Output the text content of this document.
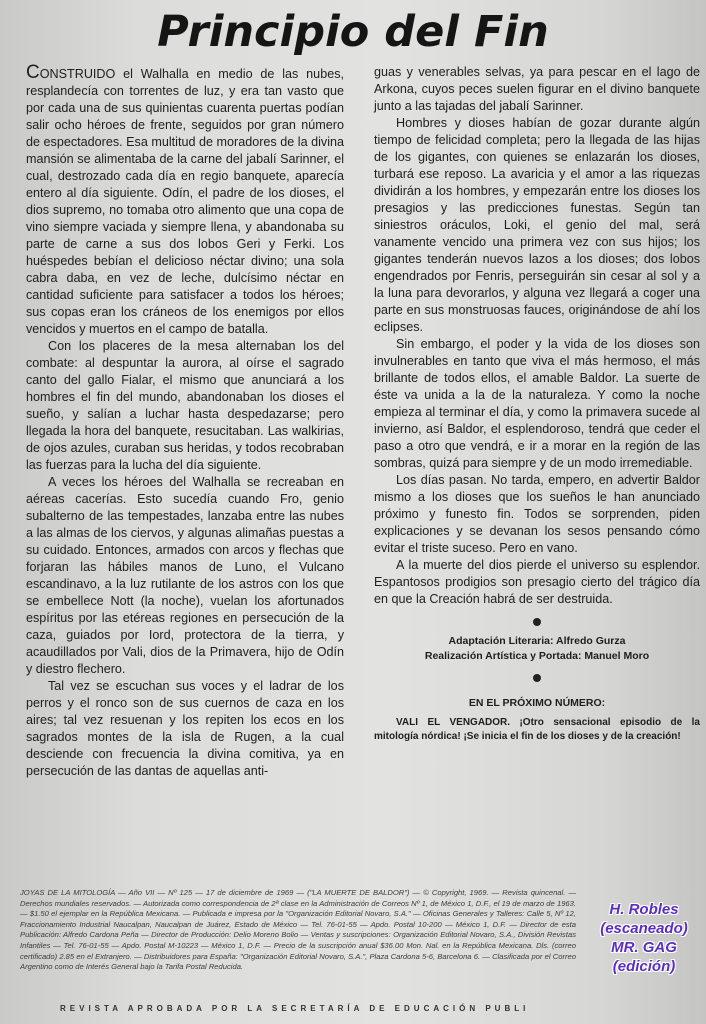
Principio del Fin

CONSTRUIDO el Walhalla en medio de las nubes, resplandecía con torrentes de luz, y era tan vasto que por cada una de sus quinientas cuarenta puertas podían salir ocho héroes de frente, seguidos por gran número de espectadores. Esa multitud de moradores de la divina mansión se alimentaba de la carne del jabalí Sarinner, el cual, destrozado cada día en regio banquete, aparecía entero al día siguiente. Odín, el padre de los dioses, el dios supremo, no tomaba otro alimento que una copa de vino siempre vaciada y siempre llena, y abandonaba su parte de carne a sus dos lobos Geri y Ferki. Los huéspedes bebían el delicioso néctar divino; una sola cabra daba, en vez de leche, dulcísimo néctar en cantidad suficiente para satisfacer a todos los héroes; sus copas eran los cráneos de los enemigos por ellos vencidos y muertos en el campo de batalla.

Con los placeres de la mesa alternaban los del combate: al despuntar la aurora, al oírse el sagrado canto del gallo Fialar, el mismo que anunciará a los hombres el fin del mundo, abandonaban los dioses el sueño, y salían a luchar hasta despedazarse; pero llegada la hora del banquete, resucitaban. Las walkirias, de ojos azules, curaban sus heridas, y todos recobraban las fuerzas para la lucha del día siguiente.

A veces los héroes del Walhalla se recreaban en aéreas cacerías. Esto sucedía cuando Fro, genio subalterno de las tempestades, lanzaba entre las nubes a las almas de los ciervos, y algunas alimañas puestas a su cuidado. Entonces, armados con arcos y flechas que forjaran las hábiles manos de Luno, el Vulcano escandinavo, a la luz rutilante de los astros con los que se embellece Nott (la noche), vuelan los afortunados espíritus por las etéreas regiones en persecución de la caza, guiados por Iord, protectora de la tierra, y acaudillados por Vali, dios de la Primavera, hijo de Odín y diestro flechero.

Tal vez se escuchan sus voces y el ladrar de los perros y el ronco son de sus cuernos de caza en los aires; tal vez resuenan y los repiten los ecos en los sagrados montes de la isla de Rugen, a la cual desciende con frecuencia la divina comitiva, ya en persecución de las dantas de aquellas anti-

guas y venerables selvas, ya para pescar en el lago de Arkona, cuyos peces suelen figurar en el divino banquete junto a las tajadas del jabalí Sarinner.

Hombres y dioses habían de gozar durante algún tiempo de felicidad completa; pero la llegada de las hijas de los gigantes, con quienes se enlazarán los dioses, turbará ese reposo. La avaricia y el amor a las riquezas dividirán a los hombres, y empezarán entre los dioses los presagios y las predicciones funestas. Según tan siniestros oráculos, Loki, el genio del mal, será vanamente vencido una primera vez con sus hijos; los gigantes tenderán nuevos lazos a los dioses; dos lobos engendrados por Fenris, perseguirán sin cesar al sol y a la luna para devorarlos, y alguna vez llegará a coger una parte en sus monstruosas fauces, originándose de ahí los eclipses.

Sin embargo, el poder y la vida de los dioses son invulnerables en tanto que viva el más hermoso, el más brillante de todos ellos, el amable Baldor. La suerte de éste va unida a la de la naturaleza. Y como la noche empieza al terminar el día, y como la primavera sucede al invierno, así Baldor, el esplendoroso, tendrá que ceder el paso a otro que vendrá, e ir a morar en la región de las sombras, quizá para siempre y de un modo irremediable.

Los días pasan. No tarda, empero, en advertir Baldor mismo a los dioses que los sueños le han anunciado próximo y funesto fin. Todos se sorprenden, piden explicaciones y se devanan los sesos pensando cómo evitar el triste suceso. Pero en vano.

A la muerte del dios pierde el universo su esplendor. Espantosos prodigios son presagio cierto del trágico día en que la Creación habrá de ser destruida.

Adaptación Literaria: Alfredo Gurza
Realización Artística y Portada: Manuel Moro
EN EL PRÓXIMO NÚMERO:
VALI EL VENGADOR. ¡Otro sensacional episodio de la mitología nórdica! ¡Se inicia el fin de los dioses y de la creación!
JOYAS DE LA MITOLOGÍA — Año VII — Nº 125 — 17 de diciembre de 1969 — ("LA MUERTE DE BALDOR") — © Copyright, 1969. — Revista quincenal. — Derechos mundiales reservados. — Autorizada como correspondencia de 2ª clase en la Administración de Correos Nº 1, de México 1, D.F., el 19 de marzo de 1963. — $1.50 el ejemplar en la República Mexicana. — Publicada e impresa por la "Organización Editorial Novaro, S.A." — Oficinas Generales y Talleres: Calle 5, Nº 12, Fraccionamiento Industrial Naucalpan, Naucalpan de Juárez, Estado de México — Tel. 76-01-55 — Apdo. Postal 10-200 — México 1, D.F. — Director de esta Publicación: Alfredo Cardona Peña — Director de Producción: Delio Moreno Bolio — Ventas y suscripciones: Organización Editorial Novaro, S.A., División Revistas Infantiles — Tel. 76-01-55 — Apdo. Postal M-10223 — México 1, D.F. — Precio de la suscripción anual $36.00 Mon. Nal. en la República Mexicana. Dls. (correo certificado) 2.85 en el Extranjero. — Distribuidores para España: "Organización Editorial Novaro, S.A.", Plaza Cardona 5-6, Barcelona 6. — Clasificada por el Correo Argentino como de Interés General bajo la Tarifa Postal Reducida.
REVISTA APROBADA POR LA SECRETARÍA DE EDUCACIÓN PUBLI
H. Robles
(escaneado)
MR. GAG
(edición)
